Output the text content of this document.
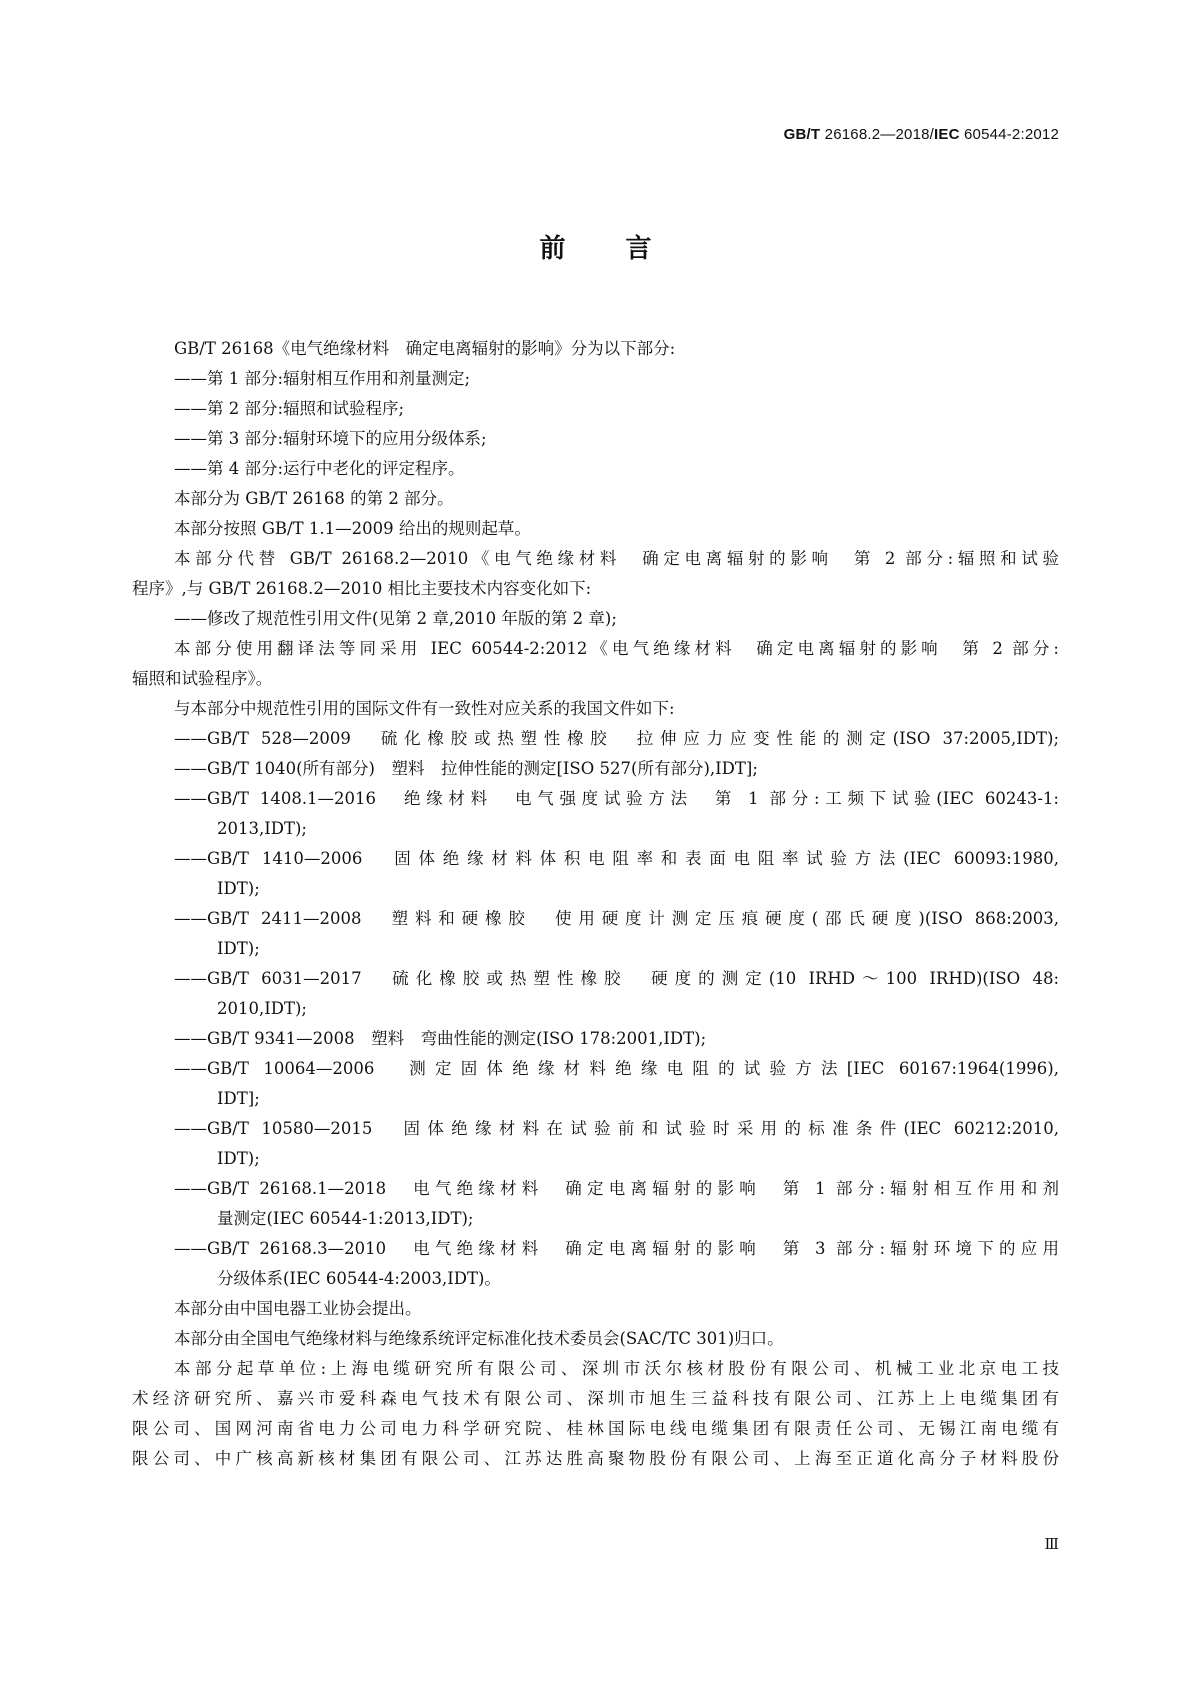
GB/T 26168.2—2018/IEC 60544-2:2012
前 言
GB/T 26168《电气绝缘材料　确定电离辐射的影响》分为以下部分:
——第 1 部分:辐射相互作用和剂量测定;
——第 2 部分:辐照和试验程序;
——第 3 部分:辐射环境下的应用分级体系;
——第 4 部分:运行中老化的评定程序。
本部分为 GB/T 26168 的第 2 部分。
本部分按照 GB/T 1.1—2009 给出的规则起草。
本部分代替 GB/T 26168.2—2010《电气绝缘材料　确定电离辐射的影响　第 2 部分:辐照和试验
程序》,与 GB/T 26168.2—2010 相比主要技术内容变化如下:
——修改了规范性引用文件(见第 2 章,2010 年版的第 2 章);
本部分使用翻译法等同采用 IEC 60544-2:2012《电气绝缘材料　确定电离辐射的影响　第 2 部分:
辐照和试验程序》。
与本部分中规范性引用的国际文件有一致性对应关系的我国文件如下:
——GB/T 528—2009　硫化橡胶或热塑性橡胶　拉伸应力应变性能的测定(ISO 37:2005,IDT);
——GB/T 1040(所有部分)　塑料　拉伸性能的测定[ISO 527(所有部分),IDT];
——GB/T 1408.1—2016　绝缘材料　电气强度试验方法　第 1 部分:工频下试验(IEC 60243-1:
2013,IDT);
——GB/T 1410—2006　固体绝缘材料体积电阻率和表面电阻率试验方法(IEC 60093:1980,
IDT);
——GB/T 2411—2008　塑料和硬橡胶　使用硬度计测定压痕硬度(邵氏硬度)(ISO 868:2003,
IDT);
——GB/T 6031—2017　硫化橡胶或热塑性橡胶　硬度的测定(10 IRHD～100 IRHD)(ISO 48:
2010,IDT);
——GB/T 9341—2008　塑料　弯曲性能的测定(ISO 178:2001,IDT);
——GB/T 10064—2006　测定固体绝缘材料绝缘电阻的试验方法[IEC 60167:1964(1996),
IDT];
——GB/T 10580—2015　固体绝缘材料在试验前和试验时采用的标准条件(IEC 60212:2010,
IDT);
——GB/T 26168.1—2018　电气绝缘材料　确定电离辐射的影响　第 1 部分:辐射相互作用和剂
量测定(IEC 60544-1:2013,IDT);
——GB/T 26168.3—2010　电气绝缘材料　确定电离辐射的影响　第 3 部分:辐射环境下的应用
分级体系(IEC 60544-4:2003,IDT)。
本部分由中国电器工业协会提出。
本部分由全国电气绝缘材料与绝缘系统评定标准化技术委员会(SAC/TC 301)归口。
本部分起草单位:上海电缆研究所有限公司、深圳市沃尔核材股份有限公司、机械工业北京电工技
术经济研究所、嘉兴市爱科森电气技术有限公司、深圳市旭生三益科技有限公司、江苏上上电缆集团有
限公司、国网河南省电力公司电力科学研究院、桂林国际电线电缆集团有限责任公司、无锡江南电缆有
限公司、中广核高新核材集团有限公司、江苏达胜高聚物股份有限公司、上海至正道化高分子材料股份
Ⅲ
